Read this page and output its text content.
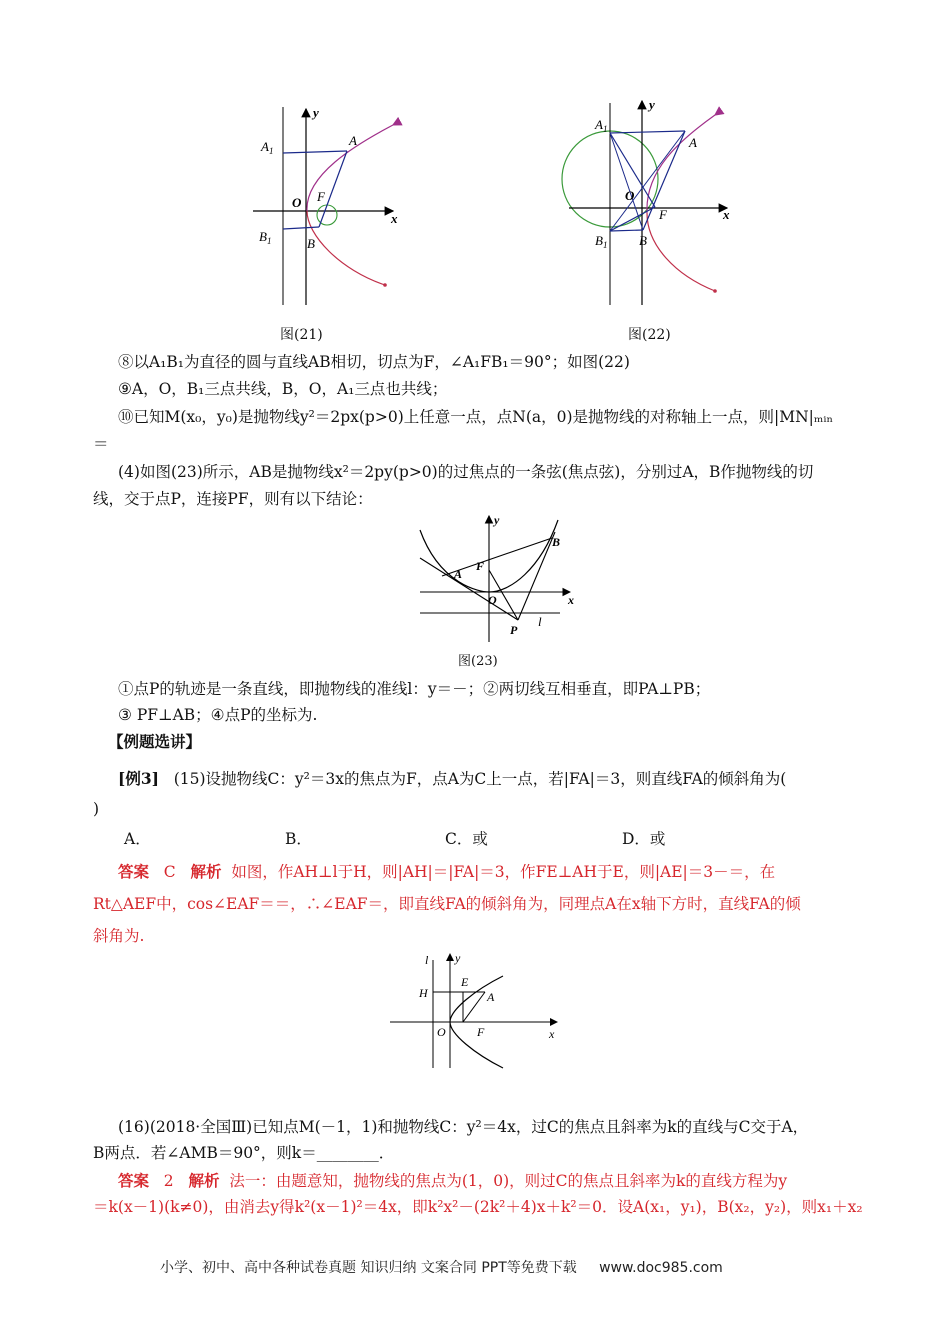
y
x
$A_1$
A
O F
$B_1$	B
图(21)
y
x
$A_1$
A
O
F
$B_1$ B
图(22)
⑧以A₁B₁为直径的圆与直线AB相切，切点为F，∠A₁FB₁＝90°；如图(22)
⑨A，O，B₁三点共线，B，O，A₁三点也共线；
⑩已知M(x₀，y₀)是抛物线y²＝2px(p>0)上任意一点，点N(a，0)是抛物线的对称轴上一点，则|MN|ₘᵢₙ
＝
(4)如图(23)所示，AB是抛物线x²＝2py(p>0)的过焦点的一条弦(焦点弦)，分别过A，B作抛物线的切
线，交于点P，连接PF，则有以下结论：
y
x
B
F
A
O
P
l
图(23)
①点P的轨迹是一条直线，即抛物线的准线l：y＝－；②两切线互相垂直，即PA⊥PB；
③ PF⊥AB；④点P的坐标为.
【例题选讲】
[例3] (15)设抛物线C：y²＝3x的焦点为F，点A为C上一点，若|FA|＝3，则直线FA的倾斜角为(
)
A．	B．	C．或	D．或
答案 C 解析 如图，作AH⊥l于H，则|AH|＝|FA|＝3，作FE⊥AH于E，则|AE|＝3－＝，在
Rt△AEF中，cos∠EAF＝＝，∴∠EAF＝，即直线FA的倾斜角为，同理点A在x轴下方时，直线FA的倾
斜角为.
l y
H
E
A
O	F	x
(16)(2018·全国Ⅲ)已知点M(－1，1)和抛物线C：y²＝4x，过C的焦点且斜率为k的直线与C交于A，
B两点．若∠AMB＝90°，则k＝________．
答案 2 解析 法一：由题意知，抛物线的焦点为(1，0)，则过C的焦点且斜率为k的直线方程为y
＝k(x－1)(k≠0)，由消去y得k²(x－1)²＝4x，即k²x²－(2k²＋4)x＋k²＝0．设A(x₁，y₁)，B(x₂，y₂)，则x₁＋x₂
小学、初中、高中各种试卷真题 知识归纳 文案合同 PPT等免费下载 www.doc985.com
